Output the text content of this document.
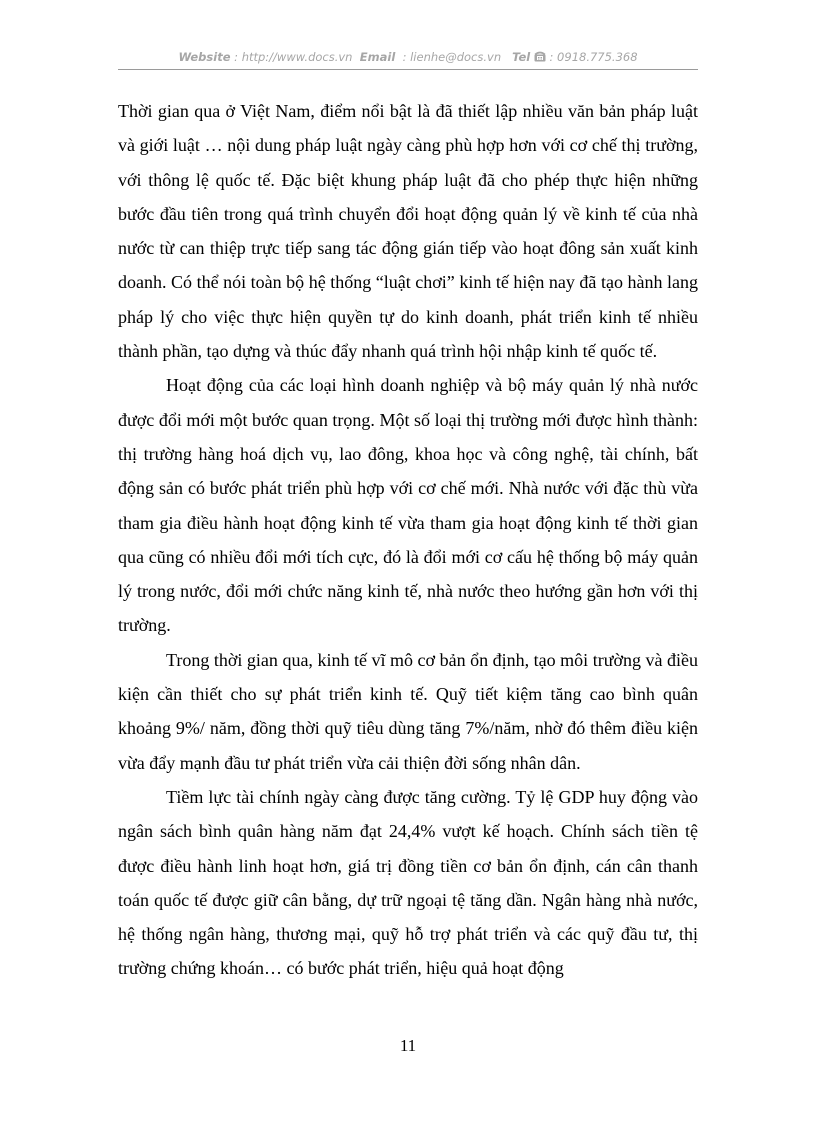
Website : http://www.docs.vn Email : lienhe@docs.vn Tel : 0918.775.368

Thời gian qua ở Việt Nam, điểm nổi bật là đã thiết lập nhiều văn bản pháp luật và giới luật … nội dung pháp luật ngày càng phù hợp hơn với cơ chế thị trường, với thông lệ quốc tế. Đặc biệt khung pháp luật đã cho phép thực hiện những bước đầu tiên trong quá trình chuyển đổi hoạt động quản lý về kinh tế của nhà nước từ can thiệp trực tiếp sang tác động gián tiếp vào hoạt đông sản xuất kinh doanh. Có thể nói toàn bộ hệ thống “luật chơi” kinh tế hiện nay đã tạo hành lang pháp lý cho việc thực hiện quyền tự do kinh doanh, phát triển kinh tế nhiều thành phần, tạo dựng và thúc đẩy nhanh quá trình hội nhập kinh tế quốc tế.

Hoạt động của các loại hình doanh nghiệp và bộ máy quản lý nhà nước được đổi mới một bước quan trọng. Một số loại thị trường mới được hình thành: thị trường hàng hoá dịch vụ, lao đông, khoa học và công nghệ, tài chính, bất động sản có bước phát triển phù hợp với cơ chế mới. Nhà nước với đặc thù vừa tham gia điều hành hoạt động kinh tế vừa tham gia hoạt động kinh tế thời gian qua cũng có nhiều đổi mới tích cực, đó là đổi mới cơ cấu hệ thống bộ máy quản lý trong nước, đổi mới chức năng kinh tế, nhà nước theo hướng gần hơn với thị trường.

Trong thời gian qua, kinh tế vĩ mô cơ bản ổn định, tạo môi trường và điều kiện cần thiết cho sự phát triển kinh tế. Quỹ tiết kiệm tăng cao bình quân khoảng 9%/ năm, đồng thời quỹ tiêu dùng tăng 7%/năm, nhờ đó thêm điều kiện vừa đẩy mạnh đầu tư phát triển vừa cải thiện đời sống nhân dân.

Tiềm lực tài chính ngày càng được tăng cường. Tỷ lệ GDP huy động vào ngân sách bình quân hàng năm đạt 24,4% vượt kế hoạch. Chính sách tiền tệ được điều hành linh hoạt hơn, giá trị đồng tiền cơ bản ổn định, cán cân thanh toán quốc tế được giữ cân bằng, dự trữ ngoại tệ tăng dần. Ngân hàng nhà nước, hệ thống ngân hàng, thương mại, quỹ hỗ trợ phát triển và các quỹ đầu tư, thị trường chứng khoán… có bước phát triển, hiệu quả hoạt động

11
